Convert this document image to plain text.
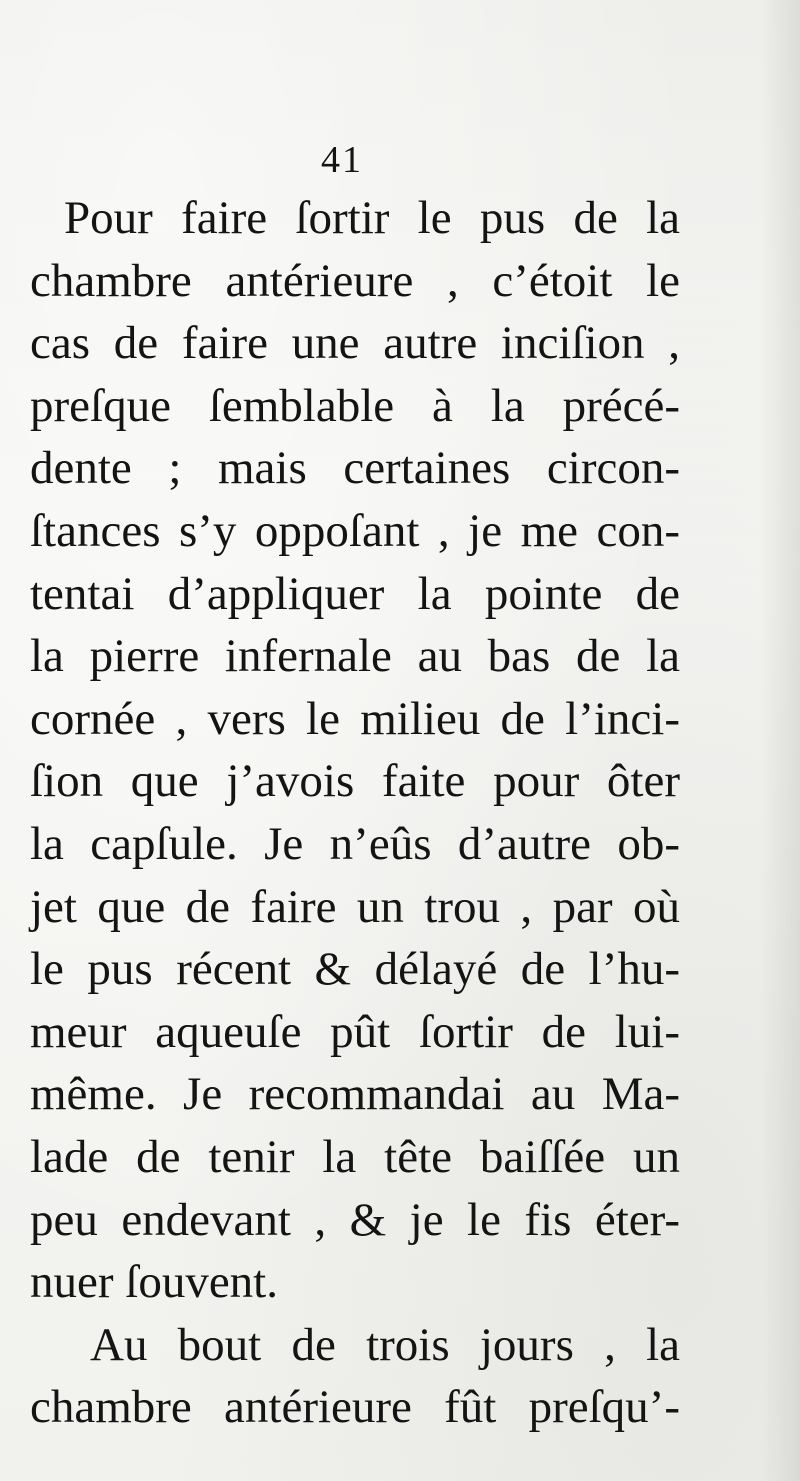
41
Pour faire ſortir le pus de la
chambre antérieure , c’étoit le
cas de faire une autre inciſion ,
preſque ſemblable à la précé-
dente ; mais certaines circon-
ſtances s’y oppoſant , je me con-
tentai d’appliquer la pointe de
la pierre infernale au bas de la
cornée , vers le milieu de l’inci-
ſion que j’avois faite pour ôter
la capſule. Je n’eûs d’autre ob-
jet que de faire un trou , par où
le pus récent & délayé de l’hu-
meur aqueuſe pût ſortir de lui-
même. Je recommandai au Ma-
lade de tenir la tête baiſſée un
peu endevant , & je le fis éter-
nuer ſouvent.
Au bout de trois jours , la
chambre antérieure fût preſqu’-
